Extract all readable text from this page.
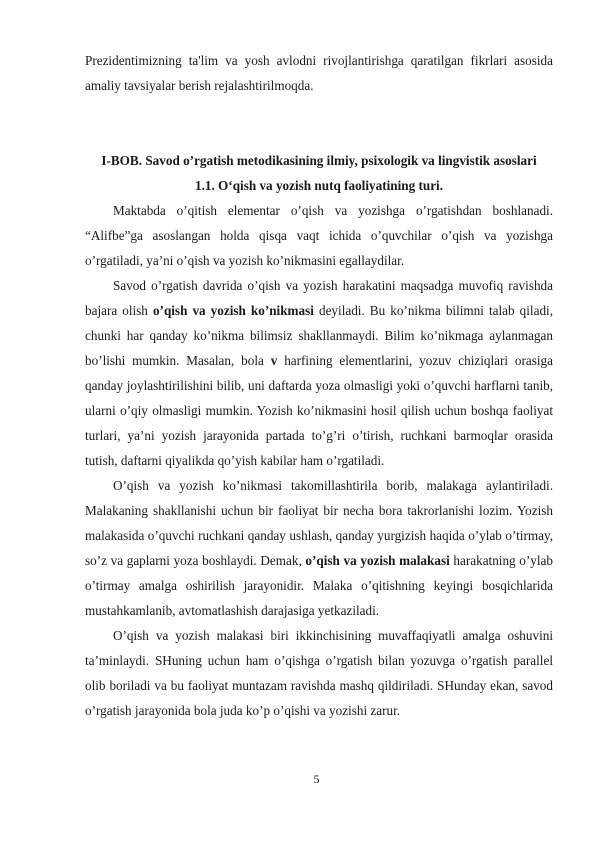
Prezidentimizning ta'lim va yosh avlodni rivojlantirishga qaratilgan fikrlari asosida amaliy tavsiyalar berish rejalashtirilmoqda.

I-BOB. Savod o’rgatish metodikasining ilmiy, psixologik va lingvistik asoslari

1.1. O‘qish va yozish nutq faoliyatining turi.

Maktabda o’qitish elementar o’qish va yozishga o’rgatishdan boshlanadi. “Alifbe”ga asoslangan holda qisqa vaqt ichida o’quvchilar o’qish va yozishga o’rgatiladi, ya’ni o’qish va yozish ko’nikmasini egallaydilar.

Savod o’rgatish davrida o’qish va yozish harakatini maqsadga muvofiq ravishda bajara olish o’qish va yozish ko’nikmasi deyiladi. Bu ko’nikma bilimni talab qiladi, chunki har qanday ko’nikma bilimsiz shakllanmaydi. Bilim ko’nikmaga aylanmagan bo’lishi mumkin. Masalan, bola v harfining elementlarini, yozuv chiziqlari orasiga qanday joylashtirilishini bilib, uni daftarda yoza olmasligi yoki o’quvchi harflarni tanib, ularni o’qiy olmasligi mumkin. Yozish ko’nikmasini hosil qilish uchun boshqa faoliyat turlari, ya’ni yozish jarayonida partada to’g’ri o’tirish, ruchkani barmoqlar orasida tutish, daftarni qiyalikda qo’yish kabilar ham o’rgatiladi.

O’qish va yozish ko’nikmasi takomillashtirila borib, malakaga aylantiriladi. Malakaning shakllanishi uchun bir faoliyat bir necha bora takrorlanishi lozim. Yozish malakasida o’quvchi ruchkani qanday ushlash, qanday yurgizish haqida o’ylab o’tirmay, so’z va gaplarni yoza boshlaydi. Demak, o’qish va yozish malakasi harakatning o’ylab o’tirmay amalga oshirilish jarayonidir. Malaka o’qitishning keyingi bosqichlarida mustahkamlanib, avtomatlashish darajasiga yetkaziladi.

O’qish va yozish malakasi biri ikkinchisining muvaffaqiyatli amalga oshuvini ta’minlaydi. SHuning uchun ham o’qishga o’rgatish bilan yozuvga o’rgatish parallel olib boriladi va bu faoliyat muntazam ravishda mashq qildiriladi. SHunday ekan, savod o’rgatish jarayonida bola juda ko’p o’qishi va yozishi zarur.

5
